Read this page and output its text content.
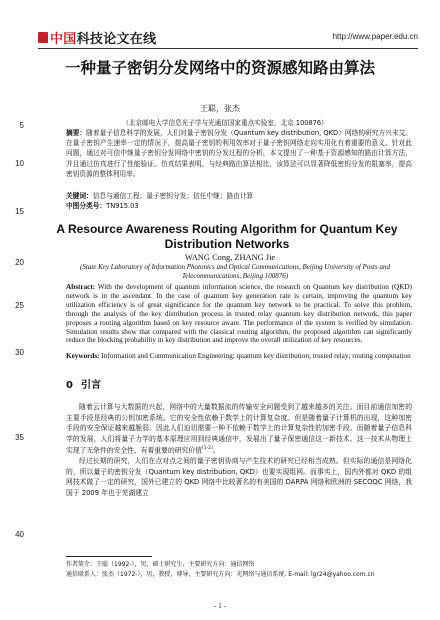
试读
试读
中国科技论文在线	http://www.paper.edu.cn
5
10
15
20
25
30
35
40
一种量子密钥分发网络中的资源感知路由算法
王聪，张杰
（北京邮电大学信息光子学与光通信国家重点实验室，北京 100876）
摘要：随着量子信息科学的发展，人们对量子密钥分发（Quantum key distribution, QKD）网络的研究方兴未艾。在量子密钥产生速率一定的情况下，提高量子密钥的利用效率对于量子密钥网络走向实用化有着重要的意义。针对此问题，通过对可信中继量子密钥分发网络中密钥的分发过程的分析，本文提出了一种基于资源感知的路由计算方法，并且通过仿真进行了性能验证。仿真结果表明，与经典路由算法相比，该算法可以显著降低密钥分发的阻塞率，提高密钥资源的整体利用率。
关键词：信息与通信工程；量子密钥分发；信任中继；路由计算
中图分类号：TN915.03
A Resource Awareness Routing Algorithm for Quantum Key Distribution Networks
WANG Cong, ZHANG Jie
(State Key Laboratory of Information Photonics and Optical Communications, Beijing University of Posts and Telecommunications, Beijing 100876)
Abstract: With the development of quantum information science, the research on Quantum key distribution (QKD) network is in the ascendant. In the case of quantum key generation rate is certain, improving the quantum key utilization efficiency is of great significance for the quantum key network to be practical. To solve this problem, through the analysis of the key distribution process in trusted relay quantum key distribution network, this paper proposes a routing algorithm based on key resource aware. The performance of the system is verified by simulation. Simulation results show that compared with the classical routing algorithm, the proposed algorithm can significantly reduce the blocking probability in key distribution and improve the overall utilization of key resources.
Keywords: Information and Communication Engineering; quantum key distribution; trusted relay; routing computation
0 引言

随着云计算与大数据的兴起，网络中的大量数据流的传输安全问题受到了越来越多的关注。而目前通信加密的主要手段是经典的公钥加密系统。它的安全性依赖于数学上的计算复杂度。但是随着量子计算机的出现，这种加密手段的安全保证越来越脆弱。因此人们迫切需要一种不依赖于数学上的计算复杂性的加密手段。而随着量子信息科学的发展，人们将量子力学的基本原理应用到经典通信中，发展出了量子保密通信这一新技术。这一技术从物理上实现了无条件的安全性，有着重要的研究价值[1-2]。

经过长期的研究，人们在点对点之间的量子密钥协商与产生技术的研究已经相当成熟。但实际的通信是网络化的，所以量子的密钥分发（Quantum key distribution, QKD）也要实现组网。而事实上，国内外都对 QKD 的组网技术做了一定的研究，国外已建立的 QKD 网络中比较著名的有美国的 DARPA 网络和欧洲的 SECOQC 网络，我国于 2009 年也于芜湖建立

作者简介：王聪（1992-），男，硕士研究生，主要研究方向：通信网络
通信联系人：张杰（1972-），男，教授，博导，主要研究方向：光网络与通信系统. E-mail: lgr24@yahoo.com.cn
- 1 -
